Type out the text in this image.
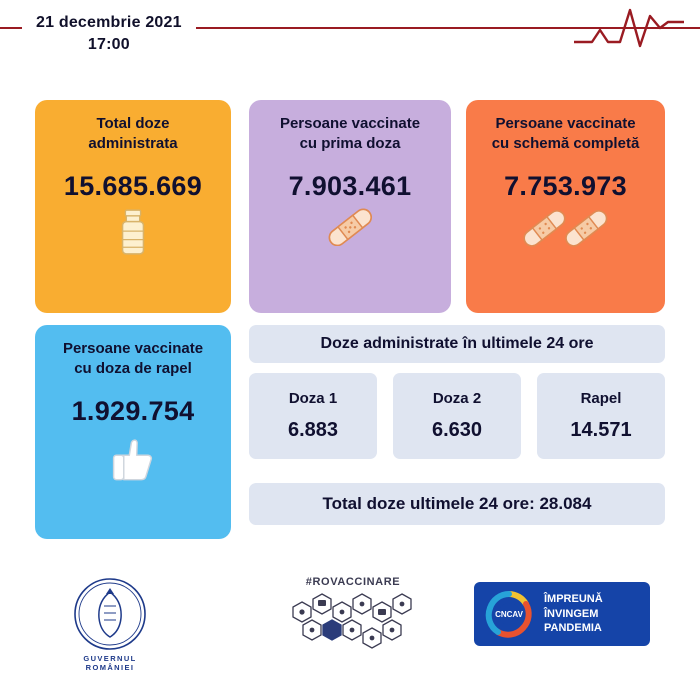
21 decembrie 2021
17:00
Total doze
administrata
15.685.669
Persoane vaccinate
cu prima doza
7.903.461
Persoane vaccinate
cu schemă completă
7.753.973
Persoane vaccinate
cu doza de rapel
1.929.754
Doze administrate în ultimele 24 ore
Doza 1
6.883
Doza 2
6.630
Rapel
14.571
Total doze ultimele 24 ore: 28.084
GUVERNUL
ROMÂNIEI
#ROVACCINARE
CNCAV
ÎMPREUNĂ
ÎNVINGEM
PANDEMIA
